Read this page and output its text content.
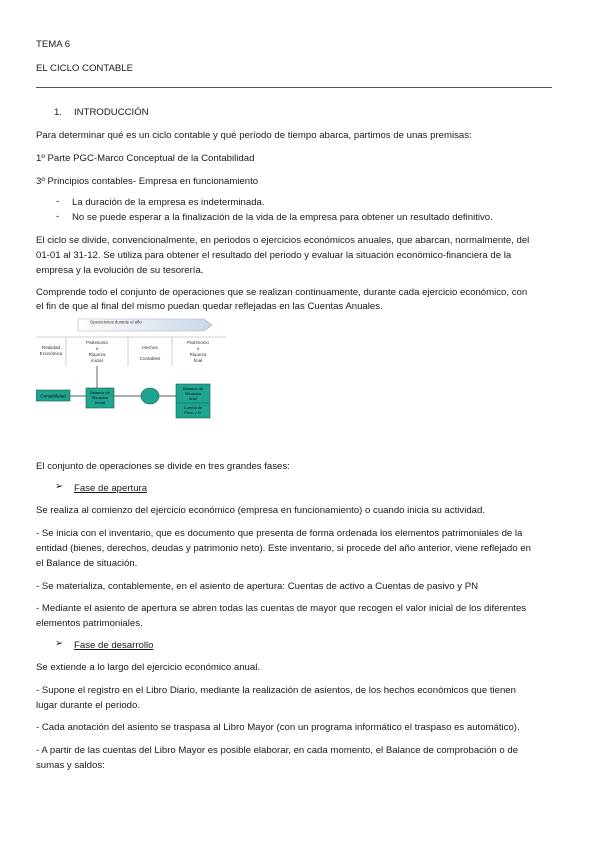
TEMA 6
EL CICLO CONTABLE
1. INTRODUCCIÓN
Para determinar qué es un ciclo contable y qué período de tiempo abarca, partimos de unas premisas:
1º Parte PGC-Marco Conceptual de la Contabilidad
3º Principios contables- Empresa en funcionamiento
- La duración de la empresa es indeterminada.
- No se puede esperar a la finalización de la vida de la empresa para obtener un resultado definitivo.
El ciclo se divide, convencionalmente, en periodos o ejercicios económicos anuales, que abarcan, normalmente, del
01-01 al 31-12. Se utiliza para obtener el resultado del periodo y evaluar la situación económico-financiera de la
empresa y la evolución de su tesorería.
Comprende todo el conjunto de operaciones que se realizan continuamente, durante cada ejercicio económico, con
el fin de que al final del mismo puedan quedar reflejadas en las Cuentas Anuales.
Operaciones durante el año
Realidad
Económica
Patrimonio
o
Riqueza
inicial
Hechos
Contables
Patrimonio
o
Riqueza
final
Contabilidad
Balance de
Situación
Inicial
Balance de
Situación
final
Cuenta de
Pérd. y G.
El conjunto de operaciones se divide en tres grandes fases:
➢ Fase de apertura
Se realiza al comienzo del ejercicio económico (empresa en funcionamiento) o cuando inicia su actividad.
- Se inicia con el inventario, que es documento que presenta de forma ordenada los elementos patrimoniales de la
entidad (bienes, derechos, deudas y patrimonio neto). Este inventario, si procede del año anterior, viene reflejado en
el Balance de situación.
- Se materializa, contablemente, en el asiento de apertura: Cuentas de activo a Cuentas de pasivo y PN
- Mediante el asiento de apertura se abren todas las cuentas de mayor que recogen el valor inicial de los diferentes
elementos patrimoniales.
➢ Fase de desarrollo
Se extiende a lo largo del ejercicio económico anual.
- Supone el registro en el Libro Diario, mediante la realización de asientos, de los hechos económicos que tienen
lugar durante el periodo.
- Cada anotación del asiento se traspasa al Libro Mayor (con un programa informático el traspaso es automático).
- A partir de las cuentas del Libro Mayor es posible elaborar, en cada momento, el Balance de comprobación o de
sumas y saldos:
